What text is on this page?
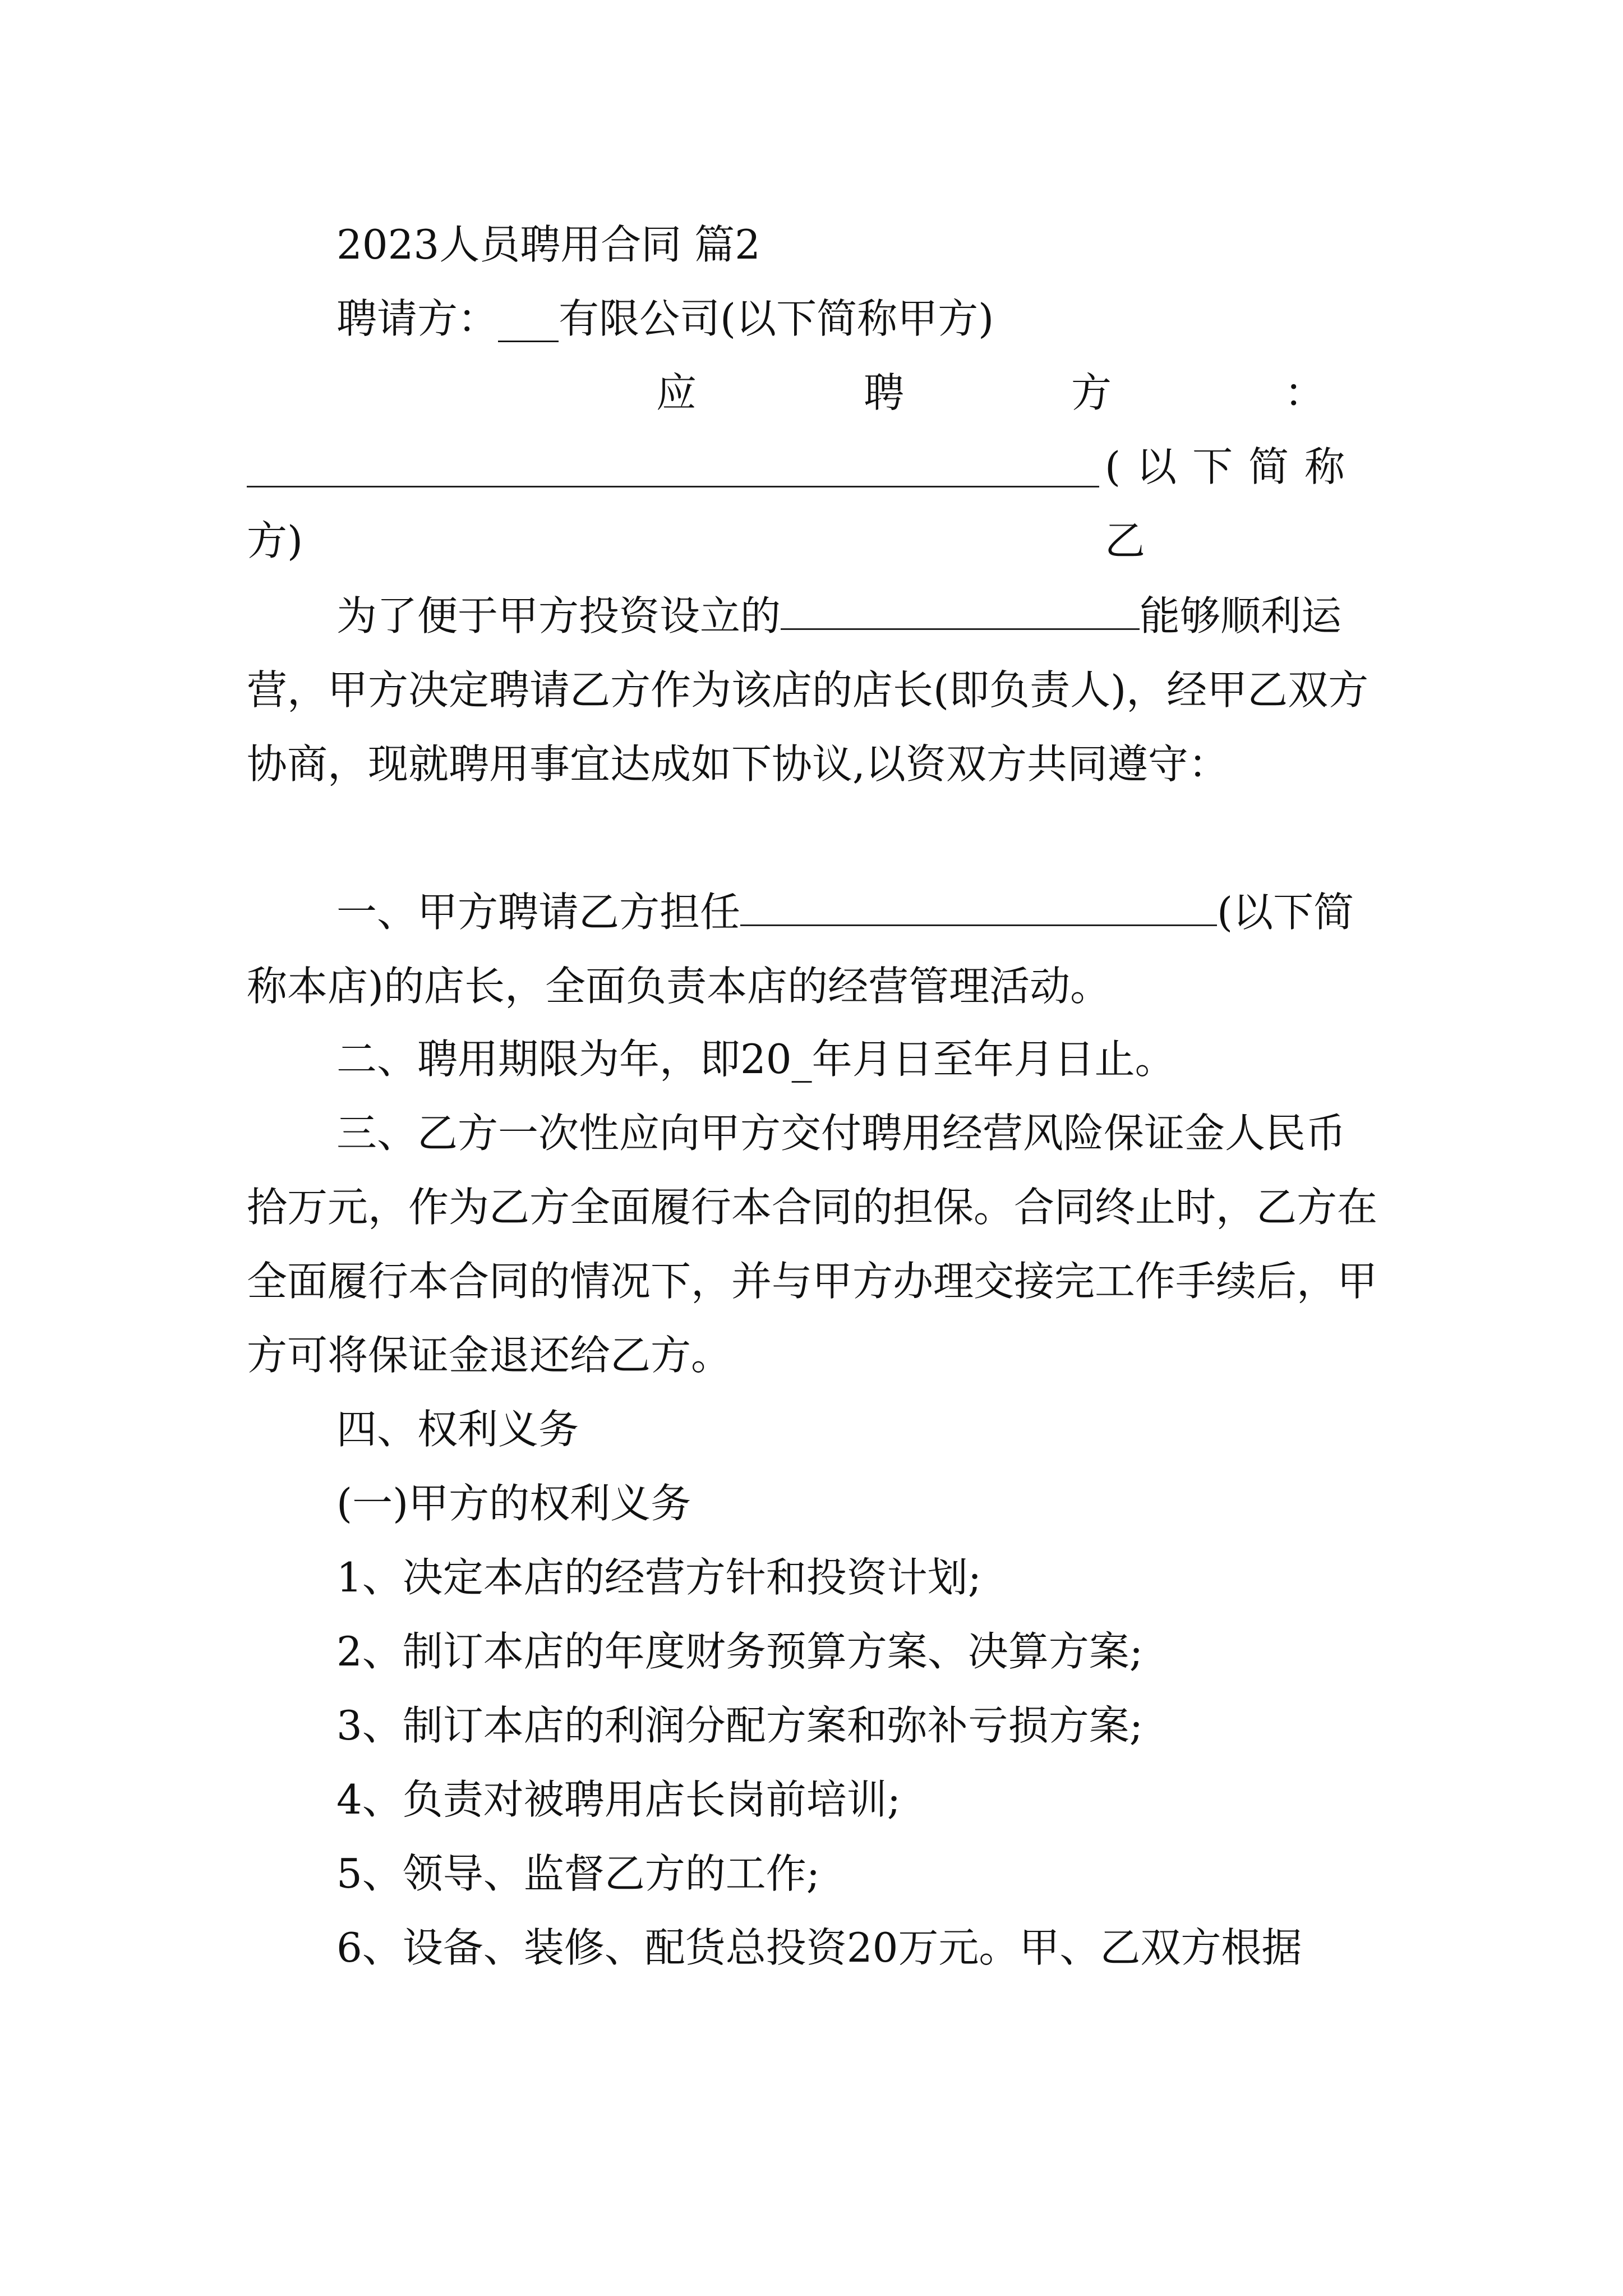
2023人员聘用合同 篇2

聘请方：___有限公司(以下简称甲方)

应	聘	方	：
(以下简称乙

方)

为了便于甲方投资设立的	能够顺利运营，甲方决定聘请乙方作为该店的店长(即负责人)，经甲乙双方协商，现就聘用事宜达成如下协议,以资双方共同遵守：

一、甲方聘请乙方担任	(以下简称本店)的店长，全面负责本店的经营管理活动。

二、聘用期限为年，即20_年月日至年月日止。

三、乙方一次性应向甲方交付聘用经营风险保证金人民币拾万元，作为乙方全面履行本合同的担保。合同终止时，乙方在全面履行本合同的情况下，并与甲方办理交接完工作手续后，甲方可将保证金退还给乙方。

四、权利义务

(一)甲方的权利义务

1、决定本店的经营方针和投资计划;

2、制订本店的年度财务预算方案、决算方案;

3、制订本店的利润分配方案和弥补亏损方案;

4、负责对被聘用店长岗前培训;

5、领导、监督乙方的工作;

6、设备、装修、配货总投资20万元。甲、乙双方根据
